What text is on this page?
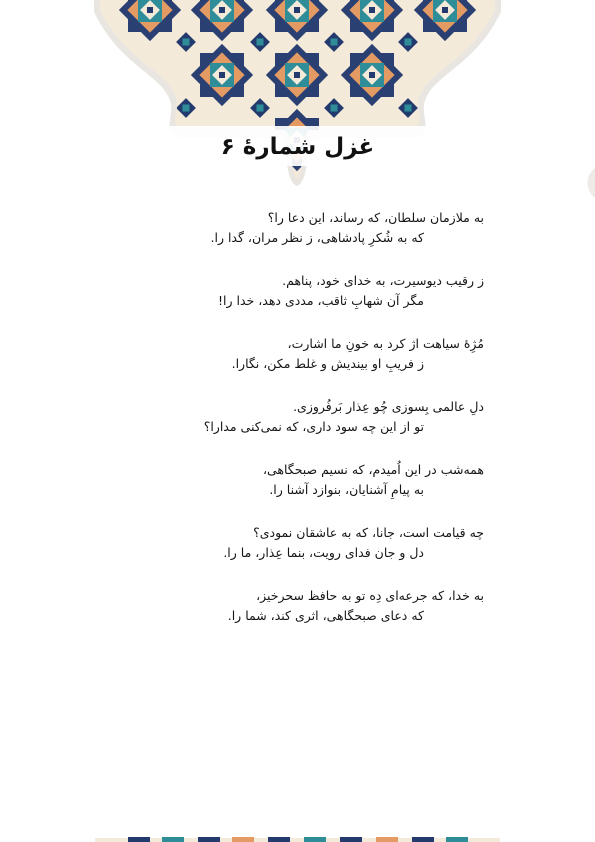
غزل شمارهٔ ۶
به ملازمان سلطان، که رساند، این دعا را؟
که به شُکرِ پادشاهی، ز نظر مران، گدا را.
ز رقیب دیوسیرت، به خدای خود، پناهم.
مگر آن شهابِ ثاقب، مددی دهد، خدا را!
مُژِهٔ سیاهت اژ کرد به خونِ ما اشارت،
ز فریبِ او بیندیش و غلط مکن، نگارا.
دلِ عالمی بِسوزی چُو عِذار بَرفُروزی.
تو از این چه سود داری، که نمی‌کنی مدارا؟
همه‌شب در این اُمیدم، که نسیم صبحگاهی،
به پیامِ آشنایان، بنوازد آشنا را.
چه قیامت است، جانا، که به عاشقان نمودی؟
دل و جان فدای رویت، بنما عِذار، ما را.
به خدا، که جرعه‌ای دِه تو به حافظ سحرخیز،
که دعای صبحگاهی، اثری کند، شما را.
